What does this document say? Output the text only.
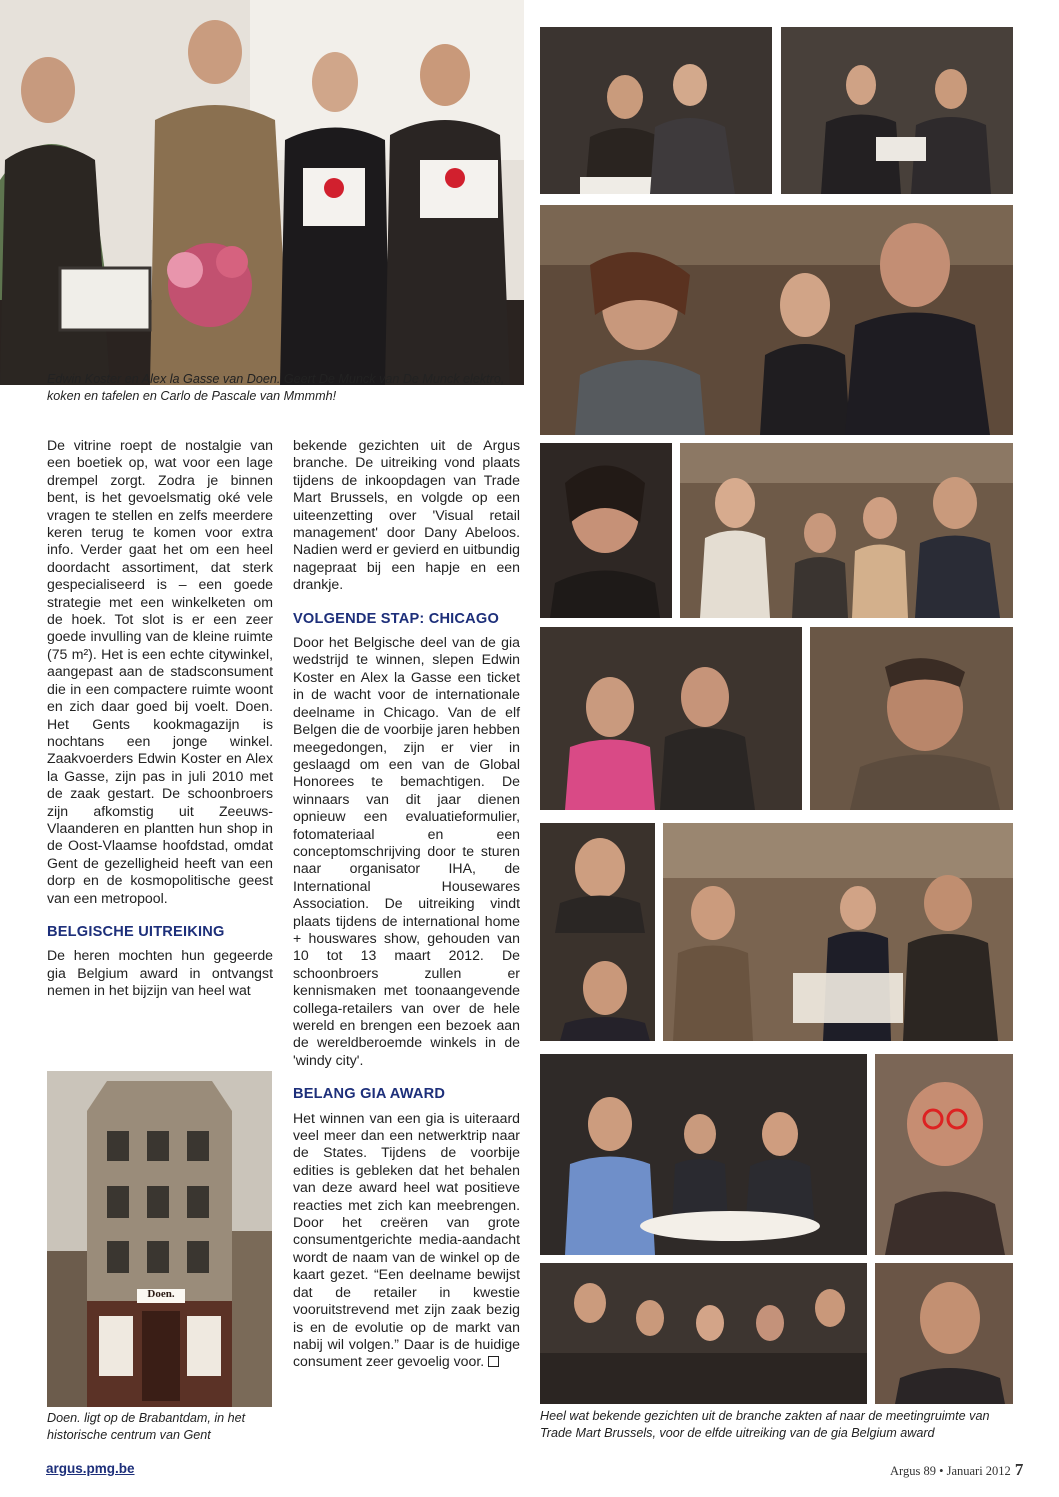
Edwin Koster en Alex la Gasse van Doen. Geert De Munck van De Munck elektro, koken en tafelen en Carlo de Pascale van Mmmmh!
Heel wat bekende gezichten uit de branche zakten af naar de meetingruimte van Trade Mart Brussels, voor de elfde uitreiking van de gia Belgium award
Doen.
Doen. ligt op de Brabantdam, in het historische centrum van Gent

De vitrine roept de nostalgie van een boetiek op, wat voor een lage drempel zorgt. Zodra je binnen bent, is het gevoelsmatig oké vele vragen te stellen en zelfs meerdere keren terug te komen voor extra info. Verder gaat het om een heel doordacht assortiment, dat sterk gespecialiseerd is – een goede strategie met een winkelketen om de hoek. Tot slot is er een zeer goede invulling van de kleine ruimte (75 m²). Het is een echte citywinkel, aangepast aan de stadsconsument die in een compactere ruimte woont en zich daar goed bij voelt. Doen. Het Gents kookmagazijn is nochtans een jonge winkel. Zaakvoerders Edwin Koster en Alex la Gasse, zijn pas in juli 2010 met de zaak gestart. De schoonbroers zijn afkomstig uit Zeeuws-Vlaanderen en plantten hun shop in de Oost-Vlaamse hoofdstad, omdat Gent de gezelligheid heeft van een dorp en de kosmopolitische geest van een metropool.

BELGISCHE UITREIKING

De heren mochten hun gegeerde gia Belgium award in ontvangst nemen in het bijzijn van heel wat

bekende gezichten uit de Argus branche. De uitreiking vond plaats tijdens de inkoopdagen van Trade Mart Brussels, en volgde op een uiteenzetting over 'Visual retail management' door Dany Abeloos. Nadien werd er gevierd en uitbundig nagepraat bij een hapje en een drankje.

VOLGENDE STAP: CHICAGO

Door het Belgische deel van de gia wedstrijd te winnen, slepen Edwin Koster en Alex la Gasse een ticket in de wacht voor de internationale deelname in Chicago. Van de elf Belgen die de voorbije jaren hebben meegedongen, zijn er vier in geslaagd om een van de Global Honorees te bemachtigen. De winnaars van dit jaar dienen opnieuw een evaluatieformulier, fotomateriaal en een conceptomschrijving door te sturen naar organisator IHA, de International Housewares Association. De uitreiking vindt plaats tijdens de international home + houswares show, gehouden van 10 tot 13 maart 2012. De schoonbroers zullen er kennismaken met toonaangevende collega-retailers van over de hele wereld en brengen een bezoek aan de wereldberoemde winkels in de 'windy city'.

BELANG GIA AWARD

Het winnen van een gia is uiteraard veel meer dan een netwerktrip naar de States. Tijdens de voorbije edities is gebleken dat het behalen van deze award heel wat positieve reacties met zich kan meebrengen. Door het creëren van grote consumentgerichte media-aandacht wordt de naam van de winkel op de kaart gezet. “Een deelname bewijst dat de retailer in kwestie vooruitstrevend met zijn zaak bezig is en de evolutie op de markt van nabij wil volgen.” Daar is de huidige consument zeer gevoelig voor.

argus.pmg.be	Argus 89 • Januari 2012 7
